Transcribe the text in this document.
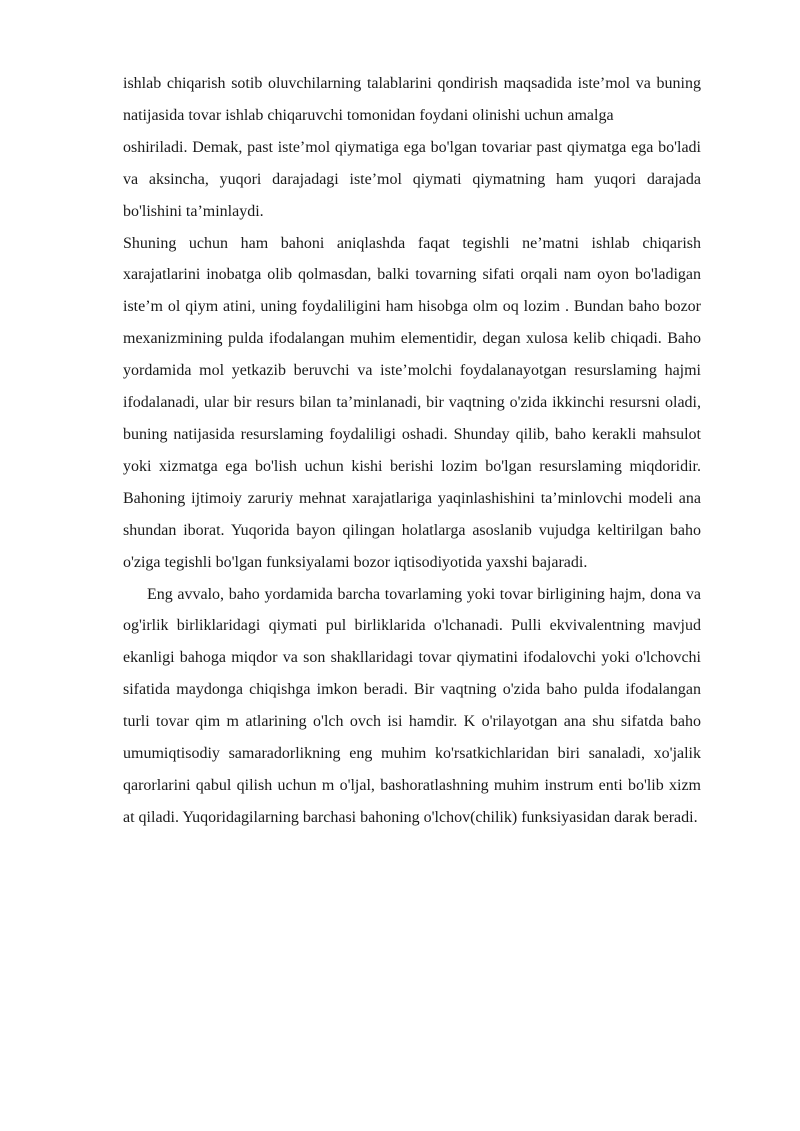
ishlab chiqarish sotib oluvchilarning talablarini qondirish maqsadida iste’mol va buning natijasida tovar ishlab chiqaruvchi tomonidan foydani olinishi uchun amalga

oshiriladi. Demak, past iste’mol qiymatiga ega bo'lgan tovariar past qiymatga ega bo'ladi va aksincha, yuqori darajadagi iste’mol qiymati qiymatning ham yuqori darajada bo'lishini ta’minlaydi.

Shuning uchun ham bahoni aniqlashda faqat tegishli ne’matni ishlab chiqarish xarajatlarini inobatga olib qolmasdan, balki tovarning sifati orqali nam oyon bo'ladigan iste’m ol qiym atini, uning foydaliligini ham hisobga olm oq lozim . Bundan baho bozor mexanizmining pulda ifodalangan muhim elementidir, degan xulosa kelib chiqadi. Baho yordamida mol yetkazib beruvchi va iste’molchi foydalanayotgan resurslaming hajmi ifodalanadi, ular bir resurs bilan ta’minlanadi, bir vaqtning o'zida ikkinchi resursni oladi, buning natijasida resurslaming foydaliligi oshadi. Shunday qilib, baho kerakli mahsulot yoki xizmatga ega bo'lish uchun kishi berishi lozim bo'lgan resurslaming miqdoridir. Bahoning ijtimoiy zaruriy mehnat xarajatlariga yaqinlashishini ta’minlovchi modeli ana shundan iborat. Yuqorida bayon qilingan holatlarga asoslanib vujudga keltirilgan baho o'ziga tegishli bo'lgan funksiyalami bozor iqtisodiyotida yaxshi bajaradi.

Eng avvalo, baho yordamida barcha tovarlaming yoki tovar birligining hajm, dona va og'irlik birliklaridagi qiymati pul birliklarida o'lchanadi. Pulli ekvivalentning mavjud ekanligi bahoga miqdor va son shakllaridagi tovar qiymatini ifodalovchi yoki o'lchovchi sifatida maydonga chiqishga imkon beradi. Bir vaqtning o'zida baho pulda ifodalangan turli tovar qim m atlarining o'lch ovch isi hamdir. K o'rilayotgan ana shu sifatda baho umumiqtisodiy samaradorlikning eng muhim ko'rsatkichlaridan biri sanaladi, xo'jalik qarorlarini qabul qilish uchun m o'ljal, bashoratlashning muhim instrum enti bo'lib xizm at qiladi. Yuqoridagilarning barchasi bahoning o'lchov(chilik) funksiyasidan darak beradi.
